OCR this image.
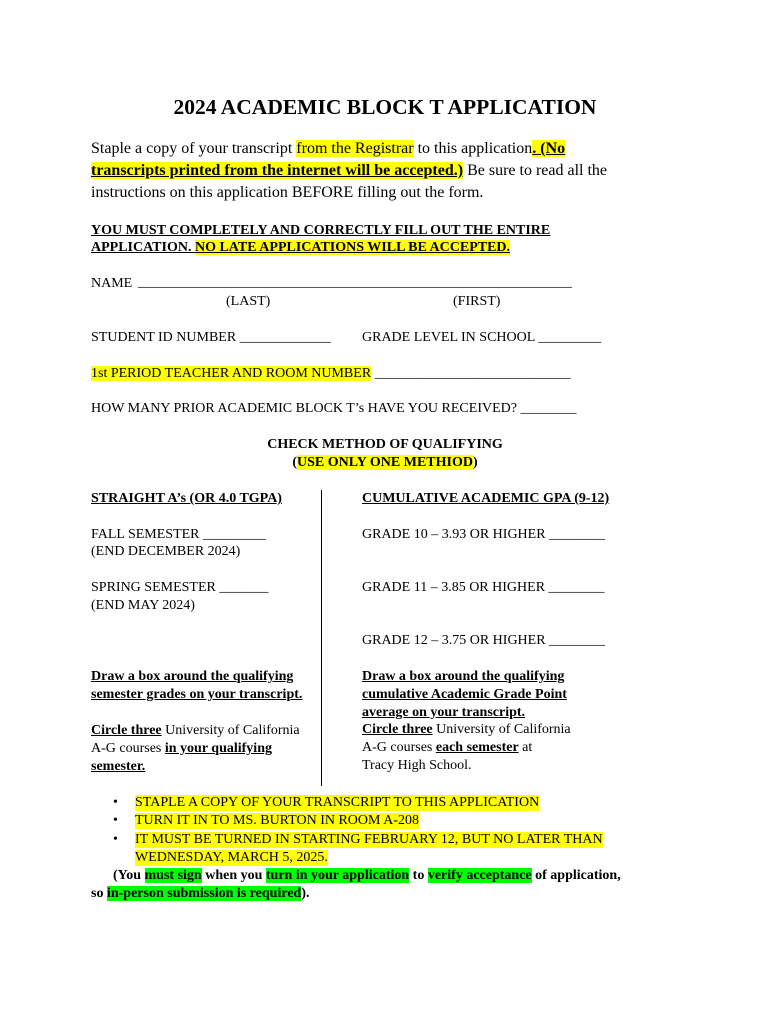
2024 ACADEMIC BLOCK T APPLICATION
Staple a copy of your transcript from the Registrar to this application. (No
transcripts printed from the internet will be accepted.) Be sure to read all the
instructions on this application BEFORE filling out the form.
YOU MUST COMPLETELY AND CORRECTLY FILL OUT THE ENTIRE
APPLICATION. NO LATE APPLICATIONS WILL BE ACCEPTED.
NAME ______________________________________________________________
(LAST)	(FIRST)
STUDENT ID NUMBER _____________ GRADE LEVEL IN SCHOOL _________
1st PERIOD TEACHER AND ROOM NUMBER ____________________________
HOW MANY PRIOR ACADEMIC BLOCK T’s HAVE YOU RECEIVED? ________
CHECK METHOD OF QUALIFYING
(USE ONLY ONE METHIOD)
STRAIGHT A’s (OR 4.0 TGPA)
FALL SEMESTER _________
(END DECEMBER 2024)
SPRING SEMESTER _______
(END MAY 2024)
Draw a box around the qualifying
semester grades on your transcript.
Circle three University of California
A-G courses in your qualifying
semester.
CUMULATIVE ACADEMIC GPA (9-12)
GRADE 10 – 3.93 OR HIGHER ________
GRADE 11 – 3.85 OR HIGHER ________
GRADE 12 – 3.75 OR HIGHER ________
Draw a box around the qualifying
cumulative Academic Grade Point
average on your transcript.
Circle three University of California
A-G courses each semester at
Tracy High School.
• STAPLE A COPY OF YOUR TRANSCRIPT TO THIS APPLICATION
• TURN IT IN TO MS. BURTON IN ROOM A-208
• IT MUST BE TURNED IN STARTING FEBRUARY 12, BUT NO LATER THAN
WEDNESDAY, MARCH 5, 2025.
(You must sign when you turn in your application to verify acceptance of application,
so in-person submission is required).
